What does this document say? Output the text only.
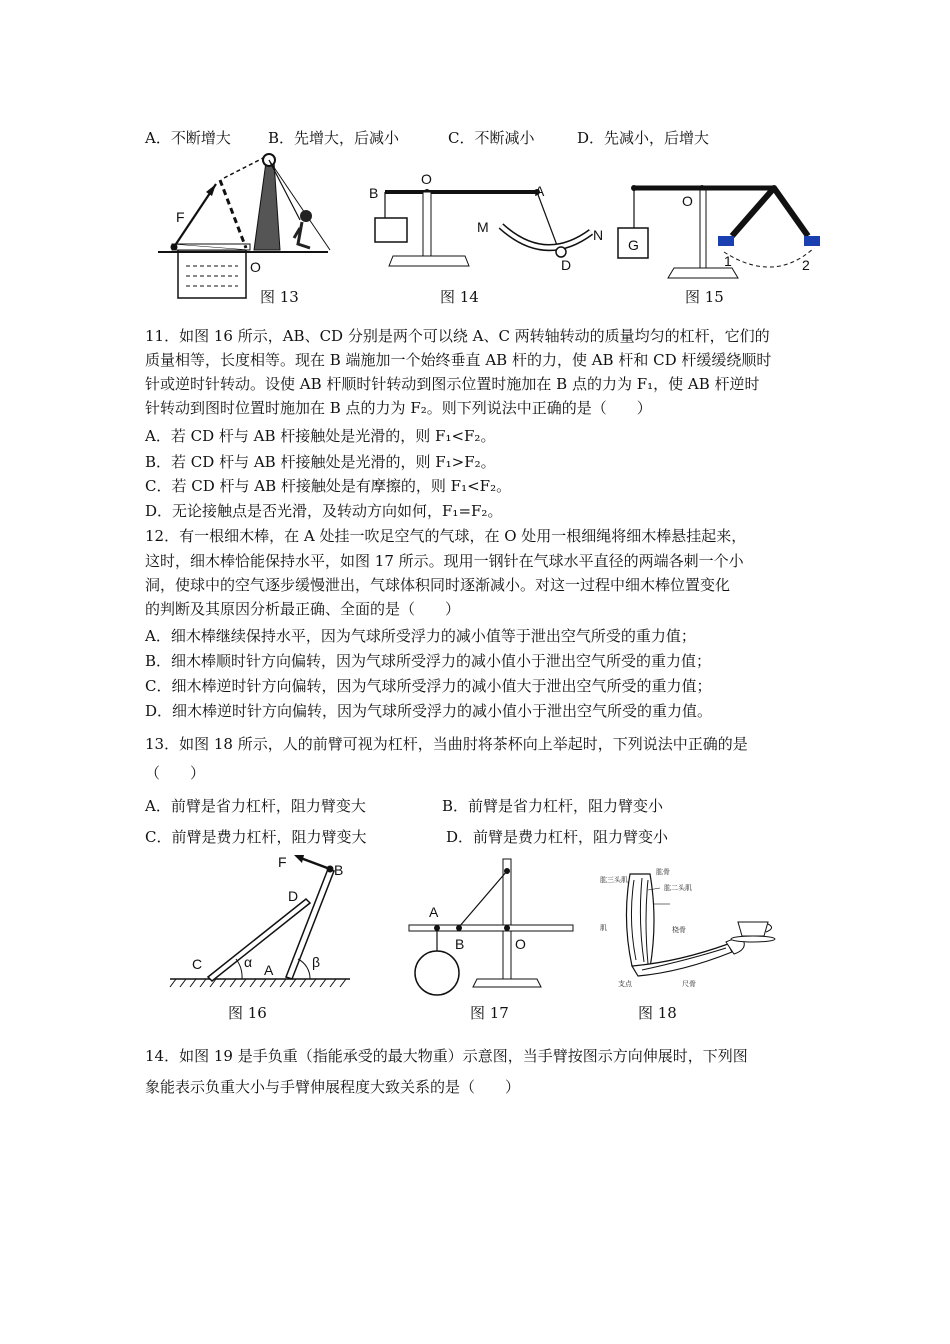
A．不断增大 B．先增大，后减小	C．不断减小	D．先减小，后增大
F
O
图 13
B
O
A
M	N
D
图 14
G
O
1	2
图 15
11．如图 16 所示，AB、CD 分别是两个可以绕 A、C 两转轴转动的质量均匀的杠杆，它们的
质量相等，长度相等。现在 B 端施加一个始终垂直 AB 杆的力，使 AB 杆和 CD 杆缓缓绕顺时
针或逆时针转动。设使 AB 杆顺时针转动到图示位置时施加在 B 点的力为 F₁，使 AB 杆逆时
针转动到图时位置时施加在 B 点的力为 F₂。则下列说法中正确的是（　　）
A．若 CD 杆与 AB 杆接触处是光滑的，则 F₁<F₂。
B．若 CD 杆与 AB 杆接触处是光滑的，则 F₁>F₂。
C．若 CD 杆与 AB 杆接触处是有摩擦的，则 F₁<F₂。
D．无论接触点是否光滑，及转动方向如何，F₁=F₂。
12．有一根细木棒，在 A 处挂一吹足空气的气球，在 O 处用一根细绳将细木棒悬挂起来，
这时，细木棒恰能保持水平，如图 17 所示。现用一钢针在气球水平直径的两端各刺一个小
洞，使球中的空气逐步缓慢泄出，气球体积同时逐渐减小。对这一过程中细木棒位置变化
的判断及其原因分析最正确、全面的是（　　）
A．细木棒继续保持水平，因为气球所受浮力的减小值等于泄出空气所受的重力值；
B．细木棒顺时针方向偏转，因为气球所受浮力的减小值小于泄出空气所受的重力值；
C．细木棒逆时针方向偏转，因为气球所受浮力的减小值大于泄出空气所受的重力值；
D．细木棒逆时针方向偏转，因为气球所受浮力的减小值小于泄出空气所受的重力值。
13．如图 18 所示，人的前臂可视为杠杆，当曲肘将茶杯向上举起时，下列说法中正确的是
（　　）
A．前臂是省力杠杆，阻力臂变大	B．前臂是省力杠杆，阻力臂变小
C．前臂是费力杠杆，阻力臂变大	D．前臂是费力杠杆，阻力臂变小
F	B
D
C	α A	β
图 16
A
B	O
图 17
肱骨
肱三头肌
肱二头肌
桡骨
支点	尺骨
肌
图 18
14．如图 19 是手负重（指能承受的最大物重）示意图，当手臂按图示方向伸展时，下列图
象能表示负重大小与手臂伸展程度大致关系的是（　　）
